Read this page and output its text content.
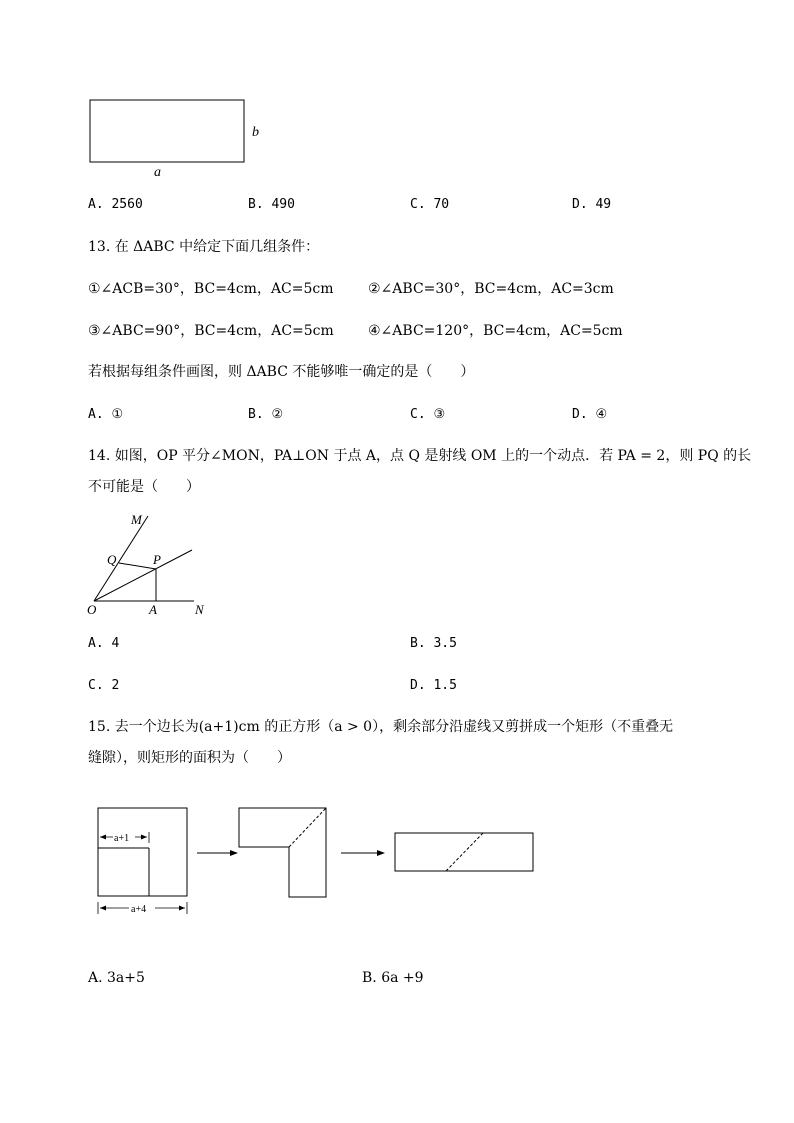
b
a
A. 2560	B. 490	C. 70	D. 49
13. 在 ΔABC 中给定下面几组条件：
①∠ACB=30°，BC=4cm，AC=5cm ②∠ABC=30°，BC=4cm，AC=3cm
③∠ABC=90°，BC=4cm，AC=5cm ④∠ABC=120°，BC=4cm，AC=5cm
若根据每组条件画图，则 ΔABC 不能够唯一确定的是（　　）
A. ①	B. ②	C. ③	D. ④
14. 如图，OP 平分∠MON，PA⊥ON 于点 A，点 Q 是射线 OM 上的一个动点．若 PA = 2，则 PQ 的长
不可能是（　　）
M
Q	P
O	A	N
A. 4	B. 3.5
C. 2	D. 1.5
15. 去一个边长为(a+1)cm 的正方形（a > 0），剩余部分沿虚线又剪拼成一个矩形（不重叠无
缝隙），则矩形的面积为（　　）
a+1
a+4
A. 3a+5	B. 6a +9
